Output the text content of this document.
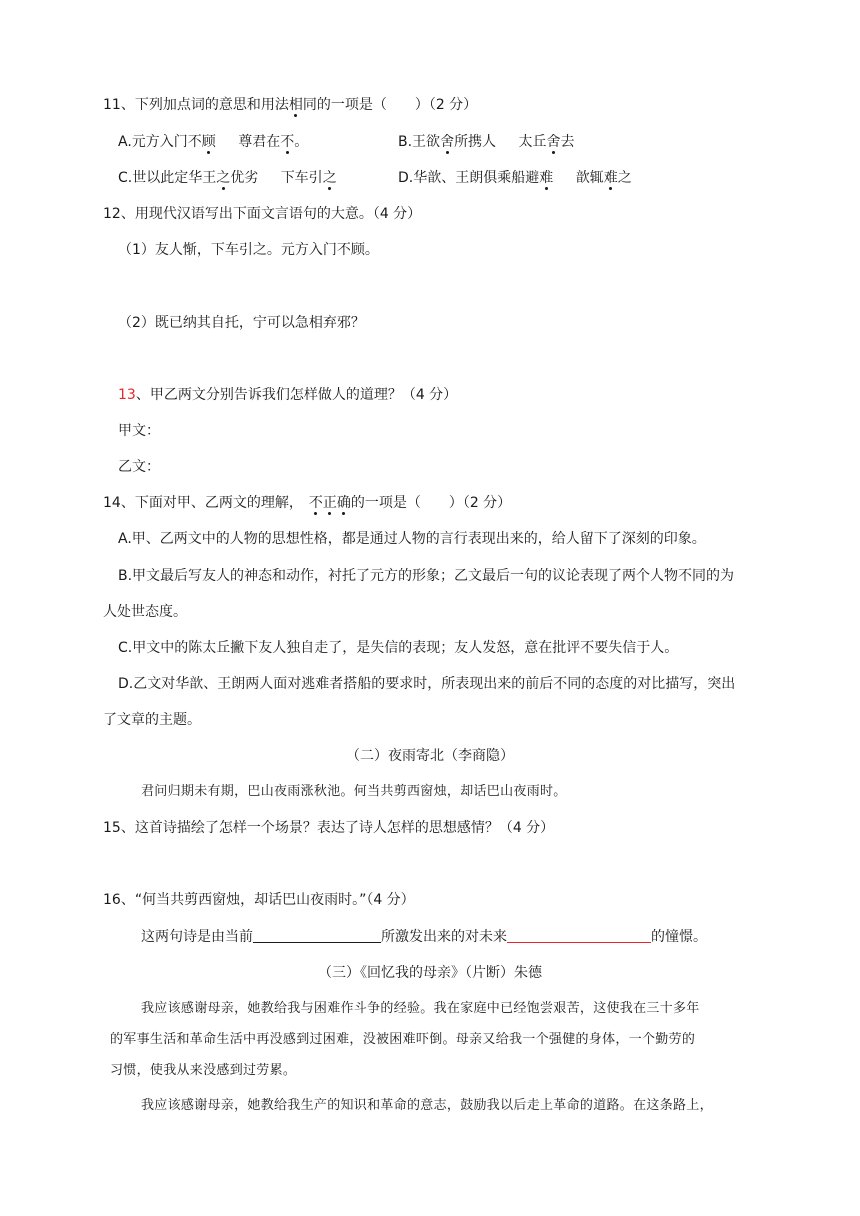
11、下列加点词的意思和用法相同的一项是（　　）（2 分）
A.元方入门不顾 尊君在不。	B.王欲舍所携人 太丘舍去
C.世以此定华王之优劣 下车引之	D.华歆、王朗俱乘船避难 歆辄难之
12、用现代汉语写出下面文言语句的大意。（4 分）
（1）友人惭，下车引之。元方入门不顾。
（2）既已纳其自托，宁可以急相弃邪？
13、甲乙两文分别告诉我们怎样做人的道理？（4 分）
甲文：
乙文：
14、下面对甲、乙两文的理解， 不正确的一项是（　　）（2 分）
A.甲、乙两文中的人物的思想性格，都是通过人物的言行表现出来的，给人留下了深刻的印象。
B.甲文最后写友人的神态和动作，衬托了元方的形象；乙文最后一句的议论表现了两个人物不同的为
人处世态度。
C.甲文中的陈太丘撇下友人独自走了，是失信的表现；友人发怒，意在批评不要失信于人。
D.乙文对华歆、王朗两人面对逃难者搭船的要求时，所表现出来的前后不同的态度的对比描写，突出
了文章的主题。
（二）夜雨寄北（李商隐）
君问归期未有期，巴山夜雨涨秋池。何当共剪西窗烛，却话巴山夜雨时。
15、这首诗描绘了怎样一个场景？表达了诗人怎样的思想感情？（4 分）
16、“何当共剪西窗烛，却话巴山夜雨时。”（4 分）
这两句诗是由当前	所激发出来的对未来	的憧憬。
（三）《回忆我的母亲》（片断）朱德
我应该感谢母亲，她教给我与困难作斗争的经验。我在家庭中已经饱尝艰苦，这使我在三十多年
的军事生活和革命生活中再没感到过困难，没被困难吓倒。母亲又给我一个强健的身体，一个勤劳的
习惯，使我从来没感到过劳累。
我应该感谢母亲，她教给我生产的知识和革命的意志，鼓励我以后走上革命的道路。在这条路上，
